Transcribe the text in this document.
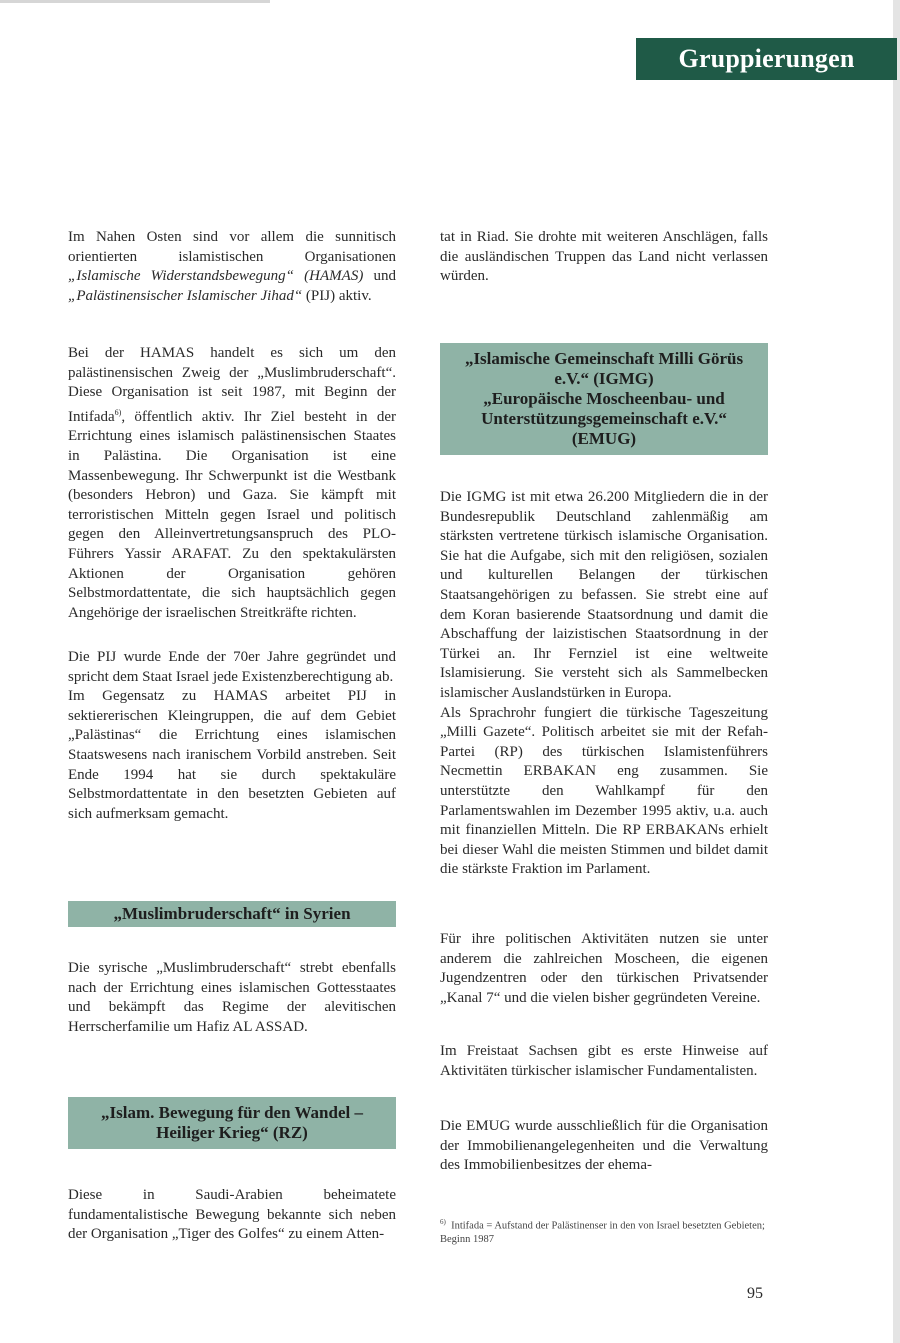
Gruppierungen

Im Nahen Osten sind vor allem die sunnitisch orientierten islamistischen Organisationen „Islamische Widerstandsbewegung“ (HAMAS) und „Palästinensischer Islamischer Jihad“ (PIJ) aktiv.

Bei der HAMAS handelt es sich um den palästinensischen Zweig der „Muslimbruderschaft“. Diese Organisation ist seit 1987, mit Beginn der Intifada$^{6)}$, öffentlich aktiv. Ihr Ziel besteht in der Errichtung eines islamisch palästinensischen Staates in Palästina. Die Organisation ist eine Massenbewegung. Ihr Schwerpunkt ist die Westbank (besonders Hebron) und Gaza. Sie kämpft mit terroristischen Mitteln gegen Israel und politisch gegen den Alleinvertretungsanspruch des PLO-Führers Yassir ARAFAT. Zu den spektakulärsten Aktionen der Organisation gehören Selbstmordattentate, die sich hauptsächlich gegen Angehörige der israelischen Streitkräfte richten.

Die PIJ wurde Ende der 70er Jahre gegründet und spricht dem Staat Israel jede Existenzberechtigung ab.

Im Gegensatz zu HAMAS arbeitet PIJ in sektiererischen Kleingruppen, die auf dem Gebiet „Palästinas“ die Errichtung eines islamischen Staatswesens nach iranischem Vorbild anstreben. Seit Ende 1994 hat sie durch spektakuläre Selbstmordattentate in den besetzten Gebieten auf sich aufmerksam gemacht.

„Muslimbruderschaft“ in Syrien

Die syrische „Muslimbruderschaft“ strebt ebenfalls nach der Errichtung eines islamischen Gottesstaates und bekämpft das Regime der alevitischen Herrscherfamilie um Hafiz AL ASSAD.

„Islam. Bewegung für den Wandel –
Heiliger Krieg“ (RZ)

Diese in Saudi-Arabien beheimatete fundamentalistische Bewegung bekannte sich neben der Organisation „Tiger des Golfes“ zu einem Atten-

tat in Riad. Sie drohte mit weiteren Anschlägen, falls die ausländischen Truppen das Land nicht verlassen würden.

„Islamische Gemeinschaft Milli Görüs
e.V.“ (IGMG)
„Europäische Moscheenbau- und
Unterstützungsgemeinschaft e.V.“
(EMUG)

Die IGMG ist mit etwa 26.200 Mitgliedern die in der Bundesrepublik Deutschland zahlenmäßig am stärksten vertretene türkisch islamische Organisation. Sie hat die Aufgabe, sich mit den religiösen, sozialen und kulturellen Belangen der türkischen Staatsangehörigen zu befassen. Sie strebt eine auf dem Koran basierende Staatsordnung und damit die Abschaffung der laizistischen Staatsordnung in der Türkei an. Ihr Fernziel ist eine weltweite Islamisierung. Sie versteht sich als Sammelbecken islamischer Auslandstürken in Europa.

Als Sprachrohr fungiert die türkische Tageszeitung „Milli Gazete“. Politisch arbeitet sie mit der Refah-Partei (RP) des türkischen Islamistenführers Necmettin ERBAKAN eng zusammen. Sie unterstützte den Wahlkampf für den Parlamentswahlen im Dezember 1995 aktiv, u.a. auch mit finanziellen Mitteln. Die RP ERBAKANs erhielt bei dieser Wahl die meisten Stimmen und bildet damit die stärkste Fraktion im Parlament.

Für ihre politischen Aktivitäten nutzen sie unter anderem die zahlreichen Moscheen, die eigenen Jugendzentren oder den türkischen Privatsender „Kanal 7“ und die vielen bisher gegründeten Vereine.

Im Freistaat Sachsen gibt es erste Hinweise auf Aktivitäten türkischer islamischer Fundamentalisten.

Die EMUG wurde ausschließlich für die Organisation der Immobilienangelegenheiten und die Verwaltung des Immobilienbesitzes der ehema-

$^{6)}$ Intifada = Aufstand der Palästinenser in den von Israel besetzten Gebieten; Beginn 1987
95
